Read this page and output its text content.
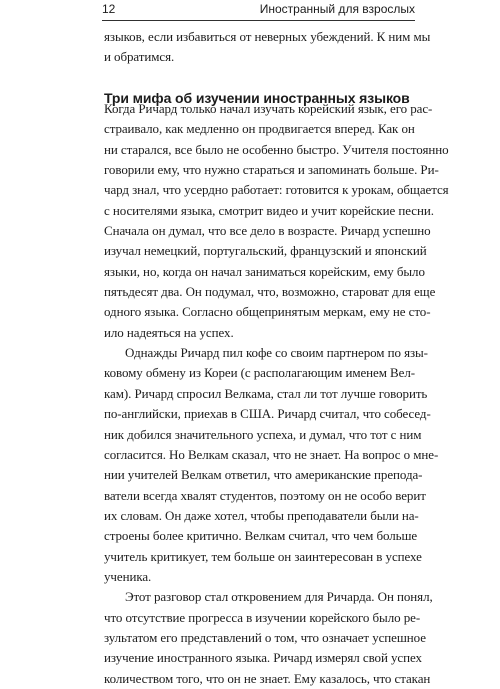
12	Иностранный для взрослых
языков, если избавиться от неверных убеждений. К ним мы
и обратимся.
Три мифа об изучении иностранных языков
Когда Ричард только начал изучать корейский язык, его рас-
страивало, как медленно он продвигается вперед. Как он
ни старался, все было не особенно быстро. Учителя постоянно
говорили ему, что нужно стараться и запоминать больше. Ри-
чард знал, что усердно работает: готовится к урокам, общается
с носителями языка, смотрит видео и учит корейские песни.
Сначала он думал, что все дело в возрасте. Ричард успешно
изучал немецкий, португальский, французский и японский
языки, но, когда он начал заниматься корейским, ему было
пятьдесят два. Он подумал, что, возможно, староват для еще
одного языка. Согласно общепринятым меркам, ему не сто-
ило надеяться на успех.
Однажды Ричард пил кофе со своим партнером по язы-
ковому обмену из Кореи (с располагающим именем Вел-
кам). Ричард спросил Велкама, стал ли тот лучше говорить
по-английски, приехав в США. Ричард считал, что собесед-
ник добился значительного успеха, и думал, что тот с ним
согласится. Но Велкам сказал, что не знает. На вопрос о мне-
нии учителей Велкам ответил, что американские препода-
ватели всегда хвалят студентов, поэтому он не особо верит
их словам. Он даже хотел, чтобы преподаватели были на-
строены более критично. Велкам считал, что чем больше
учитель критикует, тем больше он заинтересован в успехе
ученика.
Этот разговор стал откровением для Ричарда. Он понял,
что отсутствие прогресса в изучении корейского было ре-
зультатом его представлений о том, что означает успешное
изучение иностранного языка. Ричард измерял свой успех
количеством того, что он не знает. Ему казалось, что стакан
